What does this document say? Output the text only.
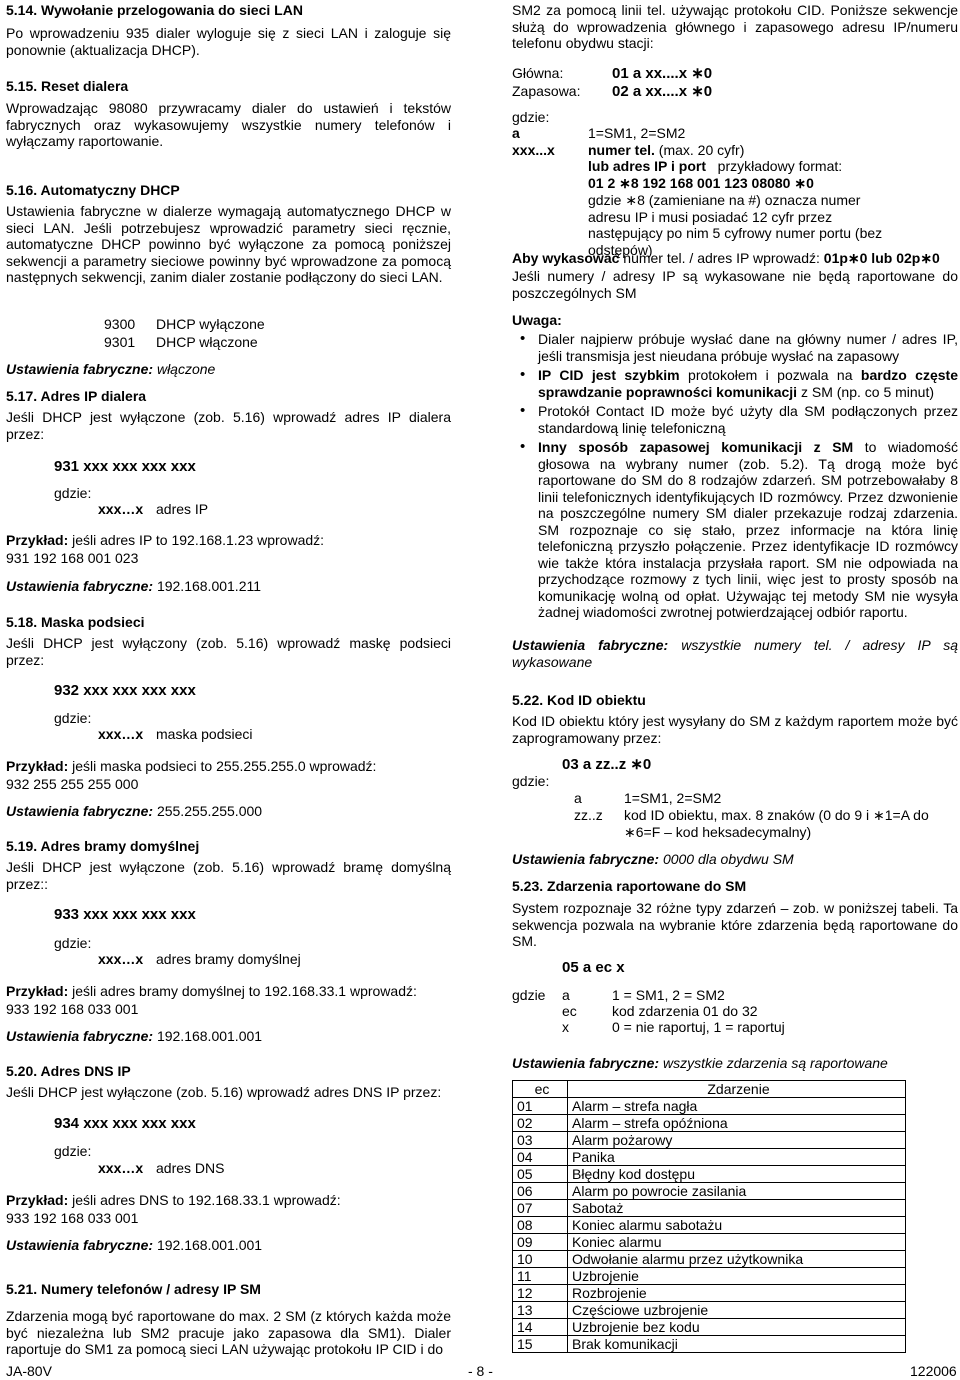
5.14. Wywołanie przelogowania do sieci LAN

Po wprowadzeniu 935 dialer wyloguje się z sieci LAN i zaloguje się ponownie (aktualizacja DHCP).

5.15. Reset dialera

Wprowadzając 98080 przywracamy dialer do ustawień i tekstów fabrycznych oraz wykasowujemy wszystkie numery telefonów i wyłączamy raportowanie.

5.16. Automatyczny DHCP

Ustawienia fabryczne w dialerze wymagają automatycznego DHCP w sieci LAN. Jeśli potrzebujesz wprowadzić parametry sieci ręcznie, automatyczne DHCP powinno być wyłączone za pomocą poniższej sekwencji a parametry sieciowe powinny być wprowadzone za pomocą następnych sekwencji, zanim dialer zostanie podłączony do sieci LAN.

9300 DHCP wyłączone
9301 DHCP włączone
Ustawienia fabryczne: włączone
5.17. Adres IP dialera

Jeśli DHCP jest wyłączone (zob. 5.16) wprowadź adres IP dialera przez:

931 xxx xxx xxx xxx
gdzie:
xxx…x adres IP
Przykład: jeśli adres IP to 192.168.1.23 wprowadź:
931 192 168 001 023
Ustawienia fabryczne: 192.168.001.211
5.18. Maska podsieci

Jeśli DHCP jest wyłączony (zob. 5.16) wprowadź maskę podsieci przez:

932 xxx xxx xxx xxx
gdzie:
xxx…x maska podsieci
Przykład: jeśli maska podsieci to 255.255.255.0 wprowadź:
932 255 255 255 000
Ustawienia fabryczne: 255.255.255.000
5.19. Adres bramy domyślnej

Jeśli DHCP jest wyłączone (zob. 5.16) wprowadź bramę domyślną przez::

933 xxx xxx xxx xxx
gdzie:
xxx…x adres bramy domyślnej
Przykład: jeśli adres bramy domyślnej to 192.168.33.1 wprowadź:
933 192 168 033 001
Ustawienia fabryczne: 192.168.001.001
5.20. Adres DNS IP

Jeśli DHCP jest wyłączone (zob. 5.16) wprowadź adres DNS IP przez:

934 xxx xxx xxx xxx
gdzie:
xxx…x adres DNS
Przykład: jeśli adres DNS to 192.168.33.1 wprowadź:
933 192 168 033 001
Ustawienia fabryczne: 192.168.001.001
5.21. Numery telefonów / adresy IP SM

Zdarzenia mogą być raportowane do max. 2 SM (z których każda może być niezależna lub SM2 pracuje jako zapasowa dla SM1). Dialer raportuje do SM1 za pomocą sieci LAN używając protokołu IP CID i do

SM2 za pomocą linii tel. używając protokołu CID. Poniższe sekwencje służą do wprowadzenia głównego i zapasowego adresu IP/numeru telefonu obydwu stacji:

Główna:	01 a xx....x ∗0
Zapasowa: 02 a xx....x ∗0
gdzie:
a	1=SM1, 2=SM2
xxx...x numer tel. (max. 20 cyfr)
lub adres IP i port przykładowy format:
01 2 ∗8 192 168 001 123 08080 ∗0

gdzie ∗8 (zamieniane na #) oznacza numer adresu IP i musi posiadać 12 cyfr przez następujący po nim 5 cyfrowy numer portu (bez odstępów)

Aby wykasować numer tel. / adres IP wprowadź: 01p∗0 lub 02p∗0

Jeśli numery / adresy IP są wykasowane nie będą raportowane do poszczególnych SM

Uwaga:
• Dialer najpierw próbuje wysłać dane na główny numer / adres IP, jeśli transmisja jest nieudana próbuje wysłać na zapasowy
• IP CID jest szybkim protokołem i pozwala na bardzo częste sprawdzanie poprawności komunikacji z SM (np. co 5 minut)
• Protokół Contact ID może być użyty dla SM podłączonych przez standardową linię telefoniczną
• Inny sposób zapasowej komunikacji z SM to wiadomość głosowa na wybrany numer (zob. 5.2). Tą drogą może być raportowane do SM do 8 rodzajów zdarzeń. SM potrzebowałaby 8 linii telefonicznych identyfikujących ID rozmówcy. Przez dzwonienie na poszczególne numery SM dialer przekazuje rodzaj zdarzenia. SM rozpoznaje co się stało, przez informacje na która linię telefoniczną przyszło połączenie. Przez identyfikacje ID rozmówcy wie także która instalacja przysłała raport. SM nie odpowiada na przychodzące rozmowy z tych linii, więc jest to prosty sposób na komunikację wolną od opłat. Używając tej metody SM nie wysyła żadnej wiadomości zwrotnej potwierdzającej odbiór raportu.

Ustawienia fabryczne: wszystkie numery tel. / adresy IP są wykasowane

5.22. Kod ID obiektu

Kod ID obiektu który jest wysyłany do SM z każdym raportem może być zaprogramowany przez:

03 a zz..z ∗0
gdzie:
a	1=SM1, 2=SM2
zz..z	kod ID obiektu, max. 8 znaków (0 do 9 i ∗1=A do ∗6=F – kod heksadecymalny)
Ustawienia fabryczne: 0000 dla obydwu SM
5.23. Zdarzenia raportowane do SM

System rozpoznaje 32 różne typy zdarzeń – zob. w poniższej tabeli. Ta sekwencja pozwala na wybranie które zdarzenia będą raportowane do SM.

05 a ec x
gdzie a	1 = SM1, 2 = SM2
ec	kod zdarzenia 01 do 32
x	0 = nie raportuj, 1 = raportuj
Ustawienia fabryczne: wszystkie zdarzenia są raportowane
ec	Zdarzenie
01	Alarm – strefa nagła
02	Alarm – strefa opóźniona
03	Alarm pożarowy
04	Panika
05	Błędny kod dostępu
06	Alarm po powrocie zasilania
07	Sabotaż
08	Koniec alarmu sabotażu
09	Koniec alarmu
10	Odwołanie alarmu przez użytkownika
11	Uzbrojenie
12	Rozbrojenie
13	Częściowe uzbrojenie
14	Uzbrojenie bez kodu
15	Brak komunikacji
JA-80V	- 8 -	122006
